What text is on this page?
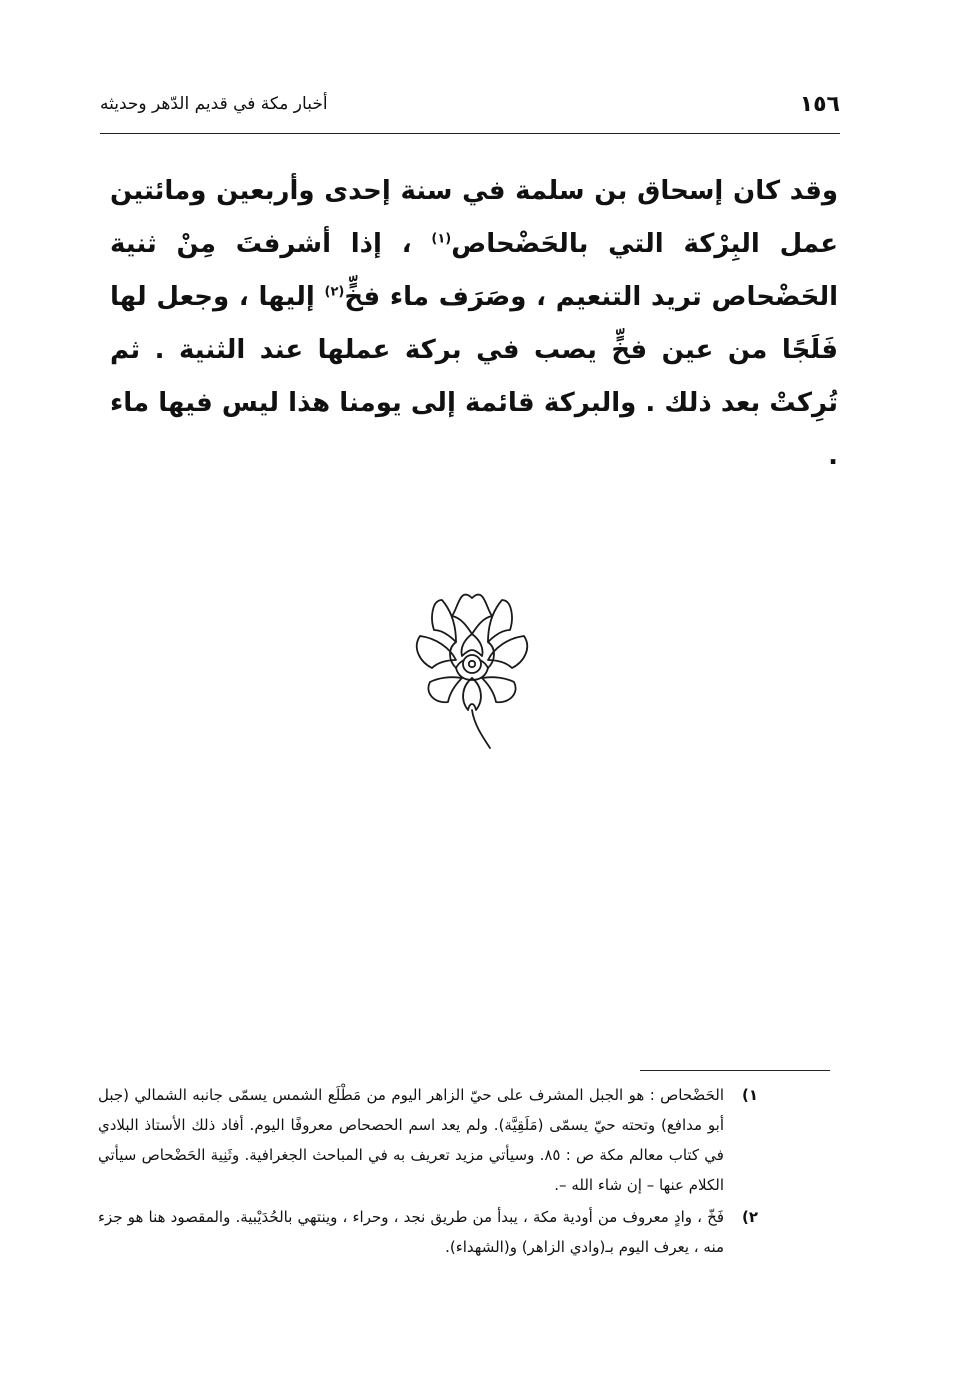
١٥٦
أخبار مكة في قديم الدّهر وحديثه

وقد كان إسحاق بن سلمة في سنة إحدى وأربعين ومائتين عمل البِرْكة التي بالحَضْحاص$^{(١)}$ ، إذا أشرفتَ مِنْ ثنية الحَضْحاص تريد التنعيم ، وصَرَف ماء فخٍّ$^{(٢)}$ إليها ، وجعل لها فَلَجًا من عين فخٍّ يصب في بركة عملها عند الثنية . ثم تُرِكتْ بعد ذلك . والبركة قائمة إلى يومنا هذا ليس فيها ماء .

١)
الحَضْحاص : هو الجبل المشرف على حيّ الزاهر اليوم من مَطْلَع الشمس يسمّى جانبه الشمالي (جبل أبو مدافع) وتحته حيّ يسمّى (مَلَقِيَّة). ولم يعد اسم الحصحاص معروفًا اليوم. أفاد ذلك الأستاذ البلادي في كتاب معالم مكة ص : ٨٥. وسيأتي مزيد تعريف به في المباحث الجغرافية. وثَنِية الحَضْحاص سيأتي الكلام عنها – إن شاء الله –.
٢)
فَخّ ، وادٍ معروف من أودية مكة ، يبدأ من طريق نجد ، وحراء ، وينتهي بالحُدَيْبية. والمقصود هنا هو جزء منه ، يعرف اليوم بـ(وادي الزاهر) و(الشهداء).
